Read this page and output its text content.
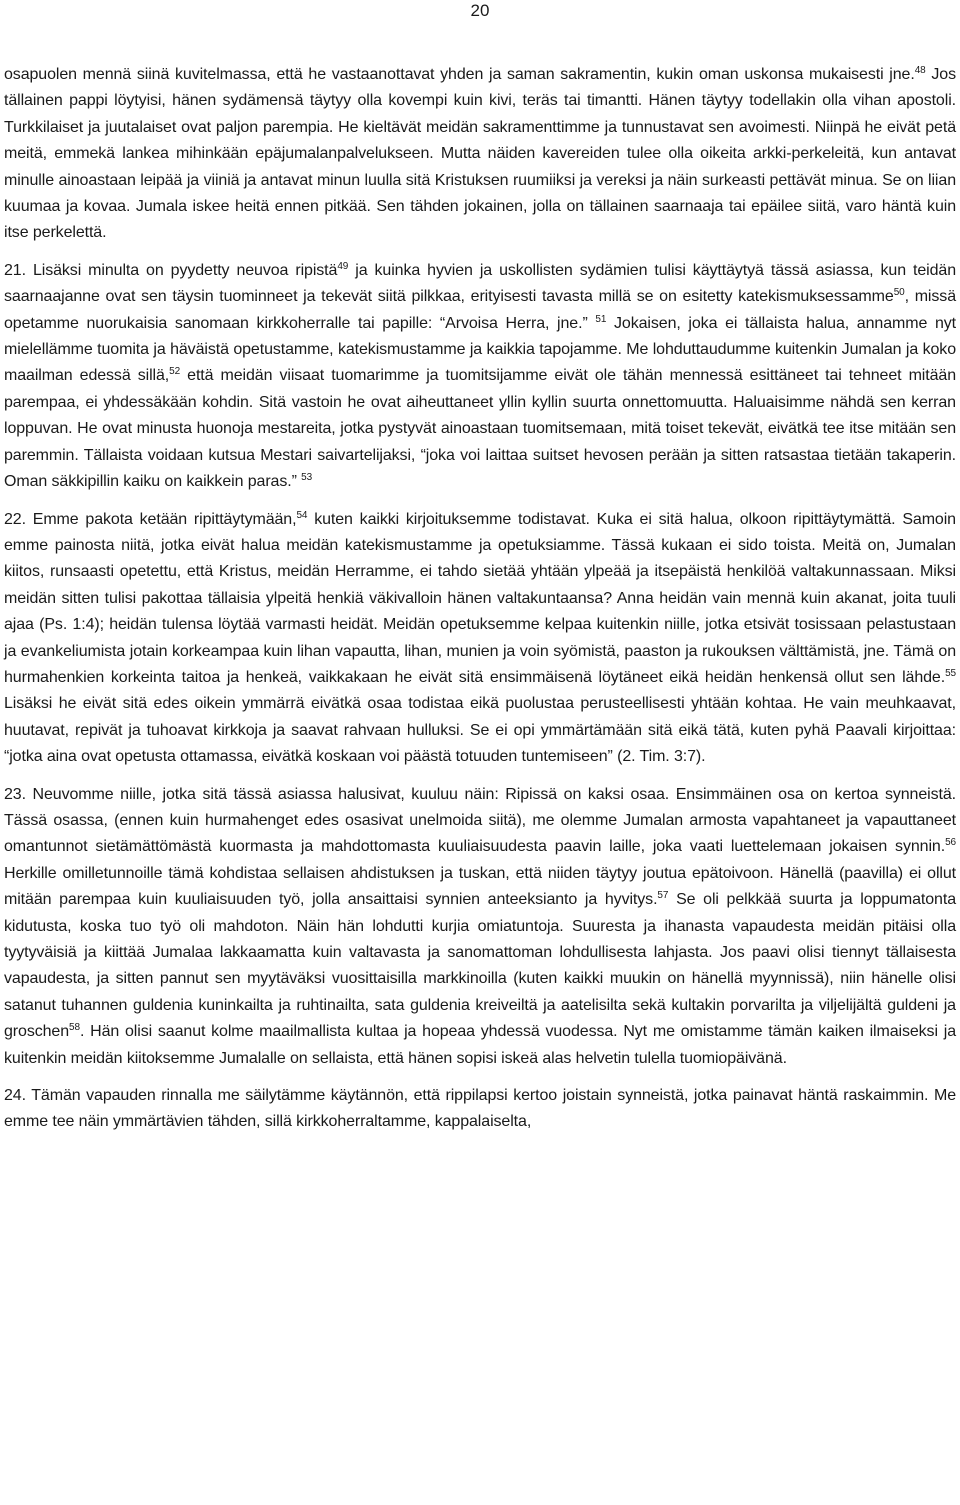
20

osapuolen mennä siinä kuvitelmassa, että he vastaanottavat yhden ja saman sakramentin, kukin oman uskonsa mukaisesti jne.$^{48}$ Jos tällainen pappi löytyisi, hänen sydämensä täytyy olla kovempi kuin kivi, teräs tai timantti. Hänen täytyy todellakin olla vihan apostoli. Turkkilaiset ja juutalaiset ovat paljon parempia. He kieltävät meidän sakramenttimme ja tunnustavat sen avoimesti. Niinpä he eivät petä meitä, emmekä lankea mihinkään epäjumalanpalvelukseen. Mutta näiden kavereiden tulee olla oikeita arkki-perkeleitä, kun antavat minulle ainoastaan leipää ja viiniä ja antavat minun luulla sitä Kristuksen ruumiiksi ja vereksi ja näin surkeasti pettävät minua. Se on liian kuumaa ja kovaa. Jumala iskee heitä ennen pitkää. Sen tähden jokainen, jolla on tällainen saarnaaja tai epäilee siitä, varo häntä kuin itse perkelettä.

21. Lisäksi minulta on pyydetty neuvoa ripistä$^{49}$ ja kuinka hyvien ja uskollisten sydämien tulisi käyttäytyä tässä asiassa, kun teidän saarnaajanne ovat sen täysin tuominneet ja tekevät siitä pilkkaa, erityisesti tavasta millä se on esitetty katekismuksessamme$^{50}$, missä opetamme nuorukaisia sanomaan kirkkoherralle tai papille: “Arvoisa Herra, jne.” $^{51}$ Jokaisen, joka ei tällaista halua, annamme nyt mielellämme tuomita ja häväistä opetustamme, katekismustamme ja kaikkia tapojamme. Me lohduttaudumme kuitenkin Jumalan ja koko maailman edessä sillä,$^{52}$ että meidän viisaat tuomarimme ja tuomitsijamme eivät ole tähän mennessä esittäneet tai tehneet mitään parempaa, ei yhdessäkään kohdin. Sitä vastoin he ovat aiheuttaneet yllin kyllin suurta onnettomuutta. Haluaisimme nähdä sen kerran loppuvan. He ovat minusta huonoja mestareita, jotka pystyvät ainoastaan tuomitsemaan, mitä toiset tekevät, eivätkä tee itse mitään sen paremmin. Tällaista voidaan kutsua Mestari saivartelijaksi, “joka voi laittaa suitset hevosen perään ja sitten ratsastaa tietään takaperin. Oman säkkipillin kaiku on kaikkein paras.” $^{53}$

22. Emme pakota ketään ripittäytymään,$^{54}$ kuten kaikki kirjoituksemme todistavat. Kuka ei sitä halua, olkoon ripittäytymättä. Samoin emme painosta niitä, jotka eivät halua meidän katekismustamme ja opetuksiamme. Tässä kukaan ei sido toista. Meitä on, Jumalan kiitos, runsaasti opetettu, että Kristus, meidän Herramme, ei tahdo sietää yhtään ylpeää ja itsepäistä henkilöä valtakunnassaan. Miksi meidän sitten tulisi pakottaa tällaisia ylpeitä henkiä väkivalloin hänen valtakuntaansa? Anna heidän vain mennä kuin akanat, joita tuuli ajaa (Ps. 1:4); heidän tulensa löytää varmasti heidät. Meidän opetuksemme kelpaa kuitenkin niille, jotka etsivät tosissaan pelastustaan ja evankeliumista jotain korkeampaa kuin lihan vapautta, lihan, munien ja voin syömistä, paaston ja rukouksen välttämistä, jne. Tämä on hurmahenkien korkeinta taitoa ja henkeä, vaikkakaan he eivät sitä ensimmäisenä löytäneet eikä heidän henkensä ollut sen lähde.$^{55}$ Lisäksi he eivät sitä edes oikein ymmärrä eivätkä osaa todistaa eikä puolustaa perusteellisesti yhtään kohtaa. He vain meuhkaavat, huutavat, repivät ja tuhoavat kirkkoja ja saavat rahvaan hulluksi. Se ei opi ymmärtämään sitä eikä tätä, kuten pyhä Paavali kirjoittaa: “jotka aina ovat opetusta ottamassa, eivätkä koskaan voi päästä totuuden tuntemiseen” (2. Tim. 3:7).

23. Neuvomme niille, jotka sitä tässä asiassa halusivat, kuuluu näin: Ripissä on kaksi osaa. Ensimmäinen osa on kertoa synneistä. Tässä osassa, (ennen kuin hurmahenget edes osasivat unelmoida siitä), me olemme Jumalan armosta vapahtaneet ja vapauttaneet omantunnot sietämättömästä kuormasta ja mahdottomasta kuuliaisuudesta paavin laille, joka vaati luettelemaan jokaisen synnin.$^{56}$ Herkille omilletunnoille tämä kohdistaa sellaisen ahdistuksen ja tuskan, että niiden täytyy joutua epätoivoon. Hänellä (paavilla) ei ollut mitään parempaa kuin kuuliaisuuden työ, jolla ansaittaisi synnien anteeksianto ja hyvitys.$^{57}$ Se oli pelkkää suurta ja loppumatonta kidutusta, koska tuo työ oli mahdoton. Näin hän lohdutti kurjia omiatuntoja. Suuresta ja ihanasta vapaudesta meidän pitäisi olla tyytyväisiä ja kiittää Jumalaa lakkaamatta kuin valtavasta ja sanomattoman lohdullisesta lahjasta. Jos paavi olisi tiennyt tällaisesta vapaudesta, ja sitten pannut sen myytäväksi vuosittaisilla markkinoilla (kuten kaikki muukin on hänellä myynnissä), niin hänelle olisi satanut tuhannen guldenia kuninkailta ja ruhtinailta, sata guldenia kreiveiltä ja aatelisilta sekä kultakin porvarilta ja viljelijältä guldeni ja groschen$^{58}$. Hän olisi saanut kolme maailmallista kultaa ja hopeaa yhdessä vuodessa. Nyt me omistamme tämän kaiken ilmaiseksi ja kuitenkin meidän kiitoksemme Jumalalle on sellaista, että hänen sopisi iskeä alas helvetin tulella tuomiopäivänä.

24. Tämän vapauden rinnalla me säilytämme käytännön, että rippilapsi kertoo joistain synneistä, jotka painavat häntä raskaimmin. Me emme tee näin ymmärtävien tähden, sillä kirkkoherraltamme, kappalaiselta,
